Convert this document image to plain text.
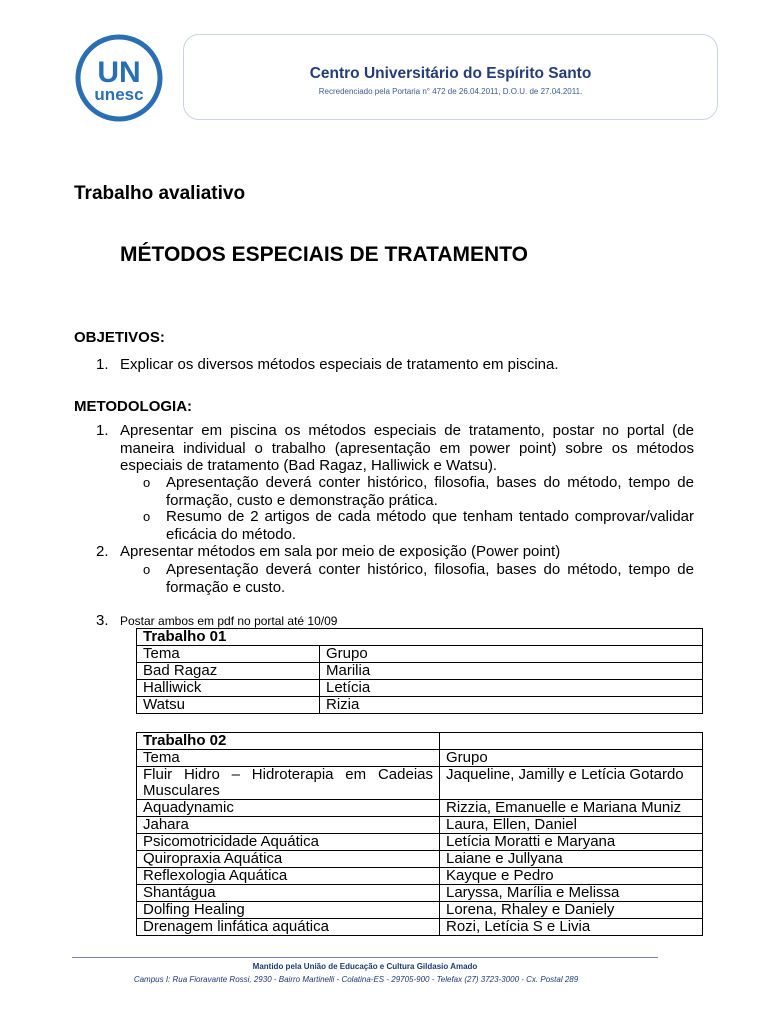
UN
unesc
Centro Universitário do Espírito Santo
Recredenciado pela Portaria n° 472 de 26.04.2011, D.O.U. de 27.04.2011.
Trabalho avaliativo
MÉTODOS ESPECIAIS DE TRATAMENTO
OBJETIVOS:
1. Explicar os diversos métodos especiais de tratamento em piscina.
METODOLOGIA:
1. Apresentar em piscina os métodos especiais de tratamento, postar no portal (de maneira individual o trabalho (apresentação em power point) sobre os métodos especiais de tratamento (Bad Ragaz, Halliwick e Watsu).
o Apresentação deverá conter histórico, filosofia, bases do método, tempo de formação, custo e demonstração prática.
o Resumo de 2 artigos de cada método que tenham tentado comprovar/validar eficácia do método.
2. Apresentar métodos em sala por meio de exposição (Power point)
o Apresentação deverá conter histórico, filosofia, bases do método, tempo de formação e custo.
3. Postar ambos em pdf no portal até 10/09
Trabalho 01	
Tema	Grupo
Bad Ragaz	Marilia
Halliwick	Letícia
Watsu	Rizia
Trabalho 02	
Tema	Grupo
Fluir Hidro – Hidroterapia em Cadeias Musculares	Jaqueline, Jamilly e Letícia Gotardo
Aquadynamic	Rizzia, Emanuelle e Mariana Muniz
Jahara	Laura, Ellen, Daniel
Psicomotricidade Aquática	Letícia Moratti e Maryana
Quiropraxia Aquática	Laiane e Jullyana
Reflexologia Aquática	Kayque e Pedro
Shantágua	Laryssa, Marília e Melissa
Dolfing Healing	Lorena, Rhaley e Daniely
Drenagem linfática aquática	Rozi, Letícia S e Livia
Mantido pela União de Educação e Cultura Gildasio Amado
Campus I: Rua Fioravante Rossi, 2930 - Bairro Martinelli - Colatina-ES - 29705-900 - Telefax (27) 3723-3000 - Cx. Postal 289
